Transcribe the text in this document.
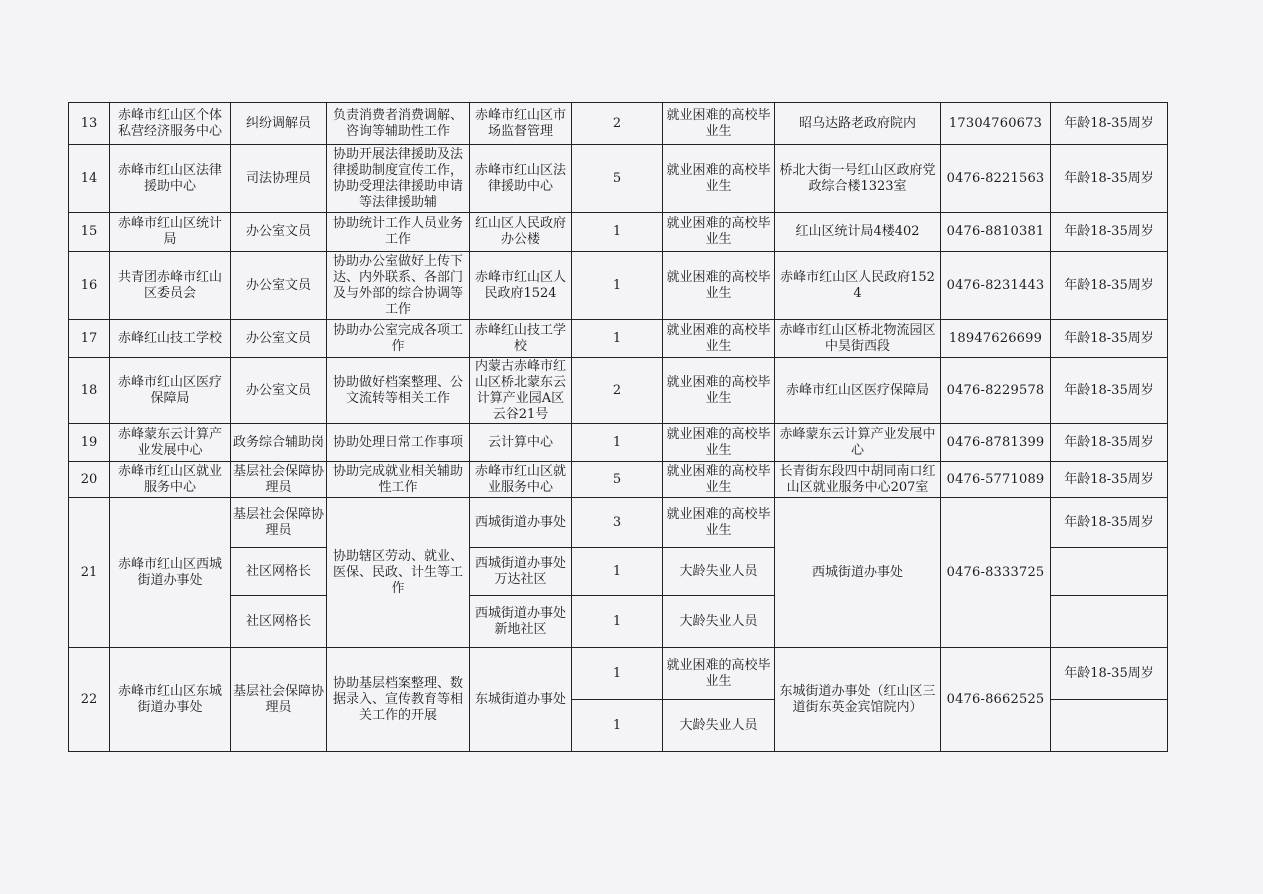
13	赤峰市红山区个体私营经济服务中心	纠纷调解员	负责消费者消费调解、咨询等辅助性工作	赤峰市红山区市场监督管理	2	就业困难的高校毕业生	昭乌达路老政府院内	17304760673	年龄18-35周岁
14	赤峰市红山区法律援助中心	司法协理员	协助开展法律援助及法律援助制度宣传工作，协助受理法律援助申请等法律援助辅	赤峰市红山区法律援助中心	5	就业困难的高校毕业生	桥北大街一号红山区政府党政综合楼1323室	0476-8221563	年龄18-35周岁
15	赤峰市红山区统计局	办公室文员	协助统计工作人员业务工作	红山区人民政府办公楼	1	就业困难的高校毕业生	红山区统计局4楼402	0476-8810381	年龄18-35周岁
16	共青团赤峰市红山区委员会	办公室文员	协助办公室做好上传下达、内外联系、各部门及与外部的综合协调等工作	赤峰市红山区人民政府1524	1	就业困难的高校毕业生	赤峰市红山区人民政府1524	0476-8231443	年龄18-35周岁
17	赤峰红山技工学校	办公室文员	协助办公室完成各项工作	赤峰红山技工学校	1	就业困难的高校毕业生	赤峰市红山区桥北物流园区中昊街西段	18947626699	年龄18-35周岁
18	赤峰市红山区医疗保障局	办公室文员	协助做好档案整理、公文流转等相关工作	内蒙古赤峰市红山区桥北蒙东云计算产业园A区云谷21号	2	就业困难的高校毕业生	赤峰市红山区医疗保障局	0476-8229578	年龄18-35周岁
19	赤峰蒙东云计算产业发展中心	政务综合辅助岗	协助处理日常工作事项	云计算中心	1	就业困难的高校毕业生	赤峰蒙东云计算产业发展中心	0476-8781399	年龄18-35周岁
20	赤峰市红山区就业服务中心	基层社会保障协理员	协助完成就业相关辅助性工作	赤峰市红山区就业服务中心	5	就业困难的高校毕业生	长青街东段四中胡同南口红山区就业服务中心207室	0476-5771089	年龄18-35周岁
21	赤峰市红山区西城街道办事处	基层社会保障协理员	协助辖区劳动、就业、医保、民政、计生等工作	西城街道办事处	3	就业困难的高校毕业生	西城街道办事处	0476-8333725	年龄18-35周岁
		社区网格长		西城街道办事处万达社区	1	大龄失业人员			
		社区网格长		西城街道办事处新地社区	1	大龄失业人员			
22	赤峰市红山区东城街道办事处	基层社会保障协理员	协助基层档案整理、数据录入、宣传教育等相关工作的开展	东城街道办事处	1	就业困难的高校毕业生	东城街道办事处（红山区三道街东英金宾馆院内）	0476-8662525	年龄18-35周岁
					1	大龄失业人员			
